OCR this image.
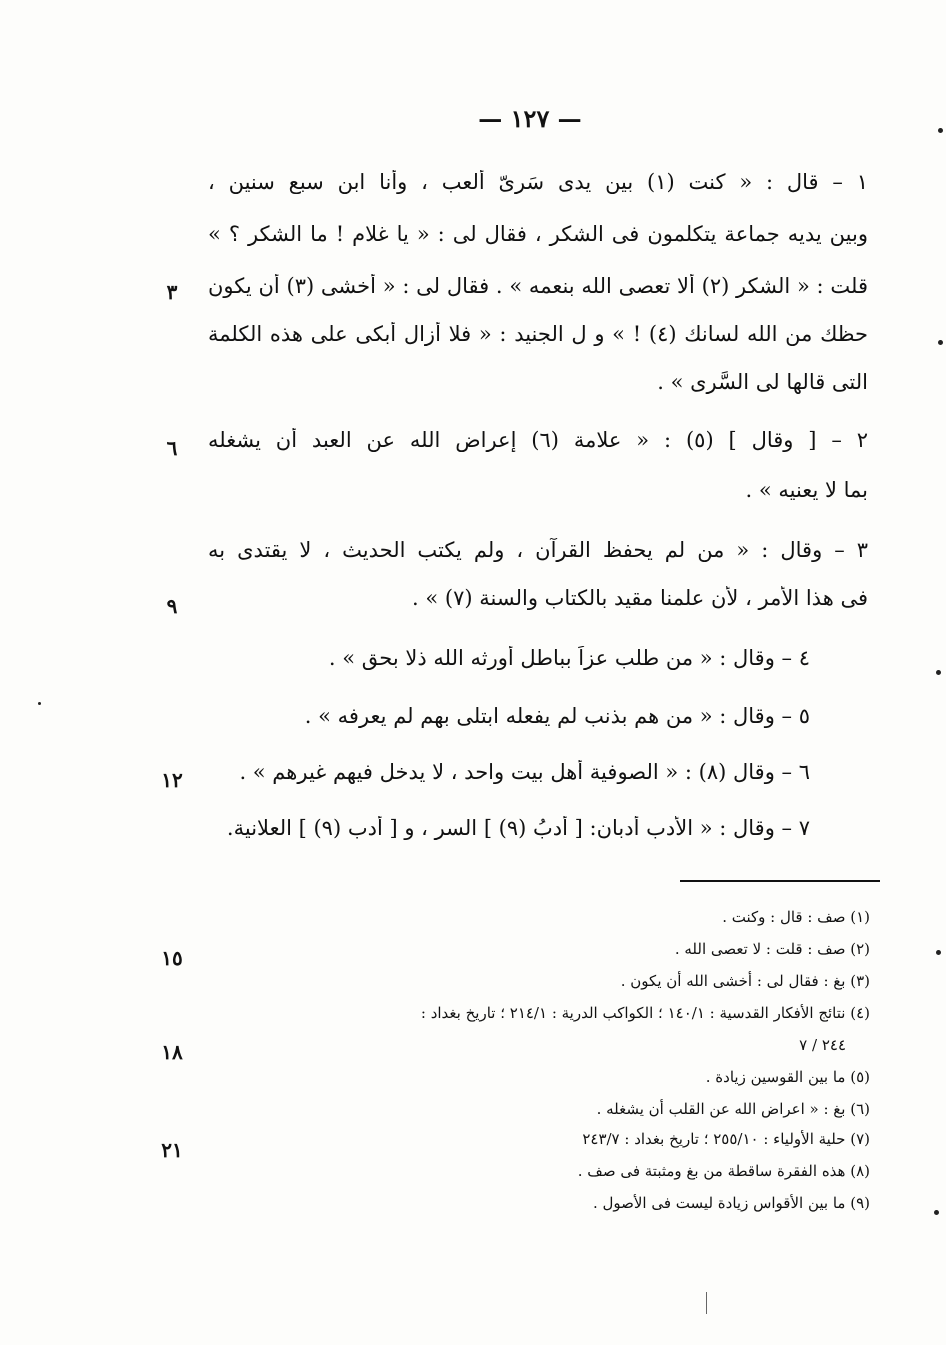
— ١٢٧ —
١ – قال : « كنت (١) بين يدى سَرىّ ألعب ، وأنا ابن سبع سنين ،
وبين يديه جماعة يتكلمون فى الشكر ، فقال لى : « يا غلام ! ما الشكر ؟ »
قلت : « الشكر (٢) ألا تعصى الله بنعمه » . فقال لى : « أخشى (٣) أن يكون
حظك من الله لسانك (٤) ! » و ل الجنيد : « فلا أزال أبكى على هذه الكلمة
التى قالها لى السَّرِى » .
٢ – [ وقال ] (٥) : « علامة (٦) إعراض الله عن العبد أن يشغله
بما لا يعنيه » .
٣ – وقال : « من لم يحفظ القرآن ، ولم يكتب الحديث ، لا يقتدى به
فى هذا الأمر ، لأن علمنا مقيد بالكتاب والسنة (٧) » .
٤ – وقال : « من طلب عزاً بباطل أورثه الله ذلا بحق » .
٥ – وقال : « من هم بذنب لم يفعله ابتلى بهم لم يعرفه » .
٦ – وقال (٨) : « الصوفية أهل بيت واحد ، لا يدخل فيهم غيرهم » .
٧ – وقال : « الأدب أدبان: [ أدبُ (٩) ] السر ، و [ أدب (٩) ] العلانية.
٣
٦
٩
١٢
١٥
١٨
٢١
(١) صف : قال : وكنت .
(٢) صف : قلت : لا تعصى الله .
(٣) بغ : فقال لى : أخشى الله أن يكون .
(٤) نتائج الأفكار القدسية : ١٤٠/١ ؛ الكواكب الدرية : ٢١٤/١ ؛ تاريخ بغداد :
٢٤٤ / ٧
(٥) ما بين القوسين زيادة .
(٦) بغ : « اعراض الله عن القلب أن يشغله .
(٧) حلية الأولياء : ٢٥٥/١٠ ؛ تاريخ بغداد : ٢٤٣/٧
(٨) هذه الفقرة ساقطة من بغ ومثبتة فى صف .
(٩) ما بين الأقواس زيادة ليست فى الأصول .
